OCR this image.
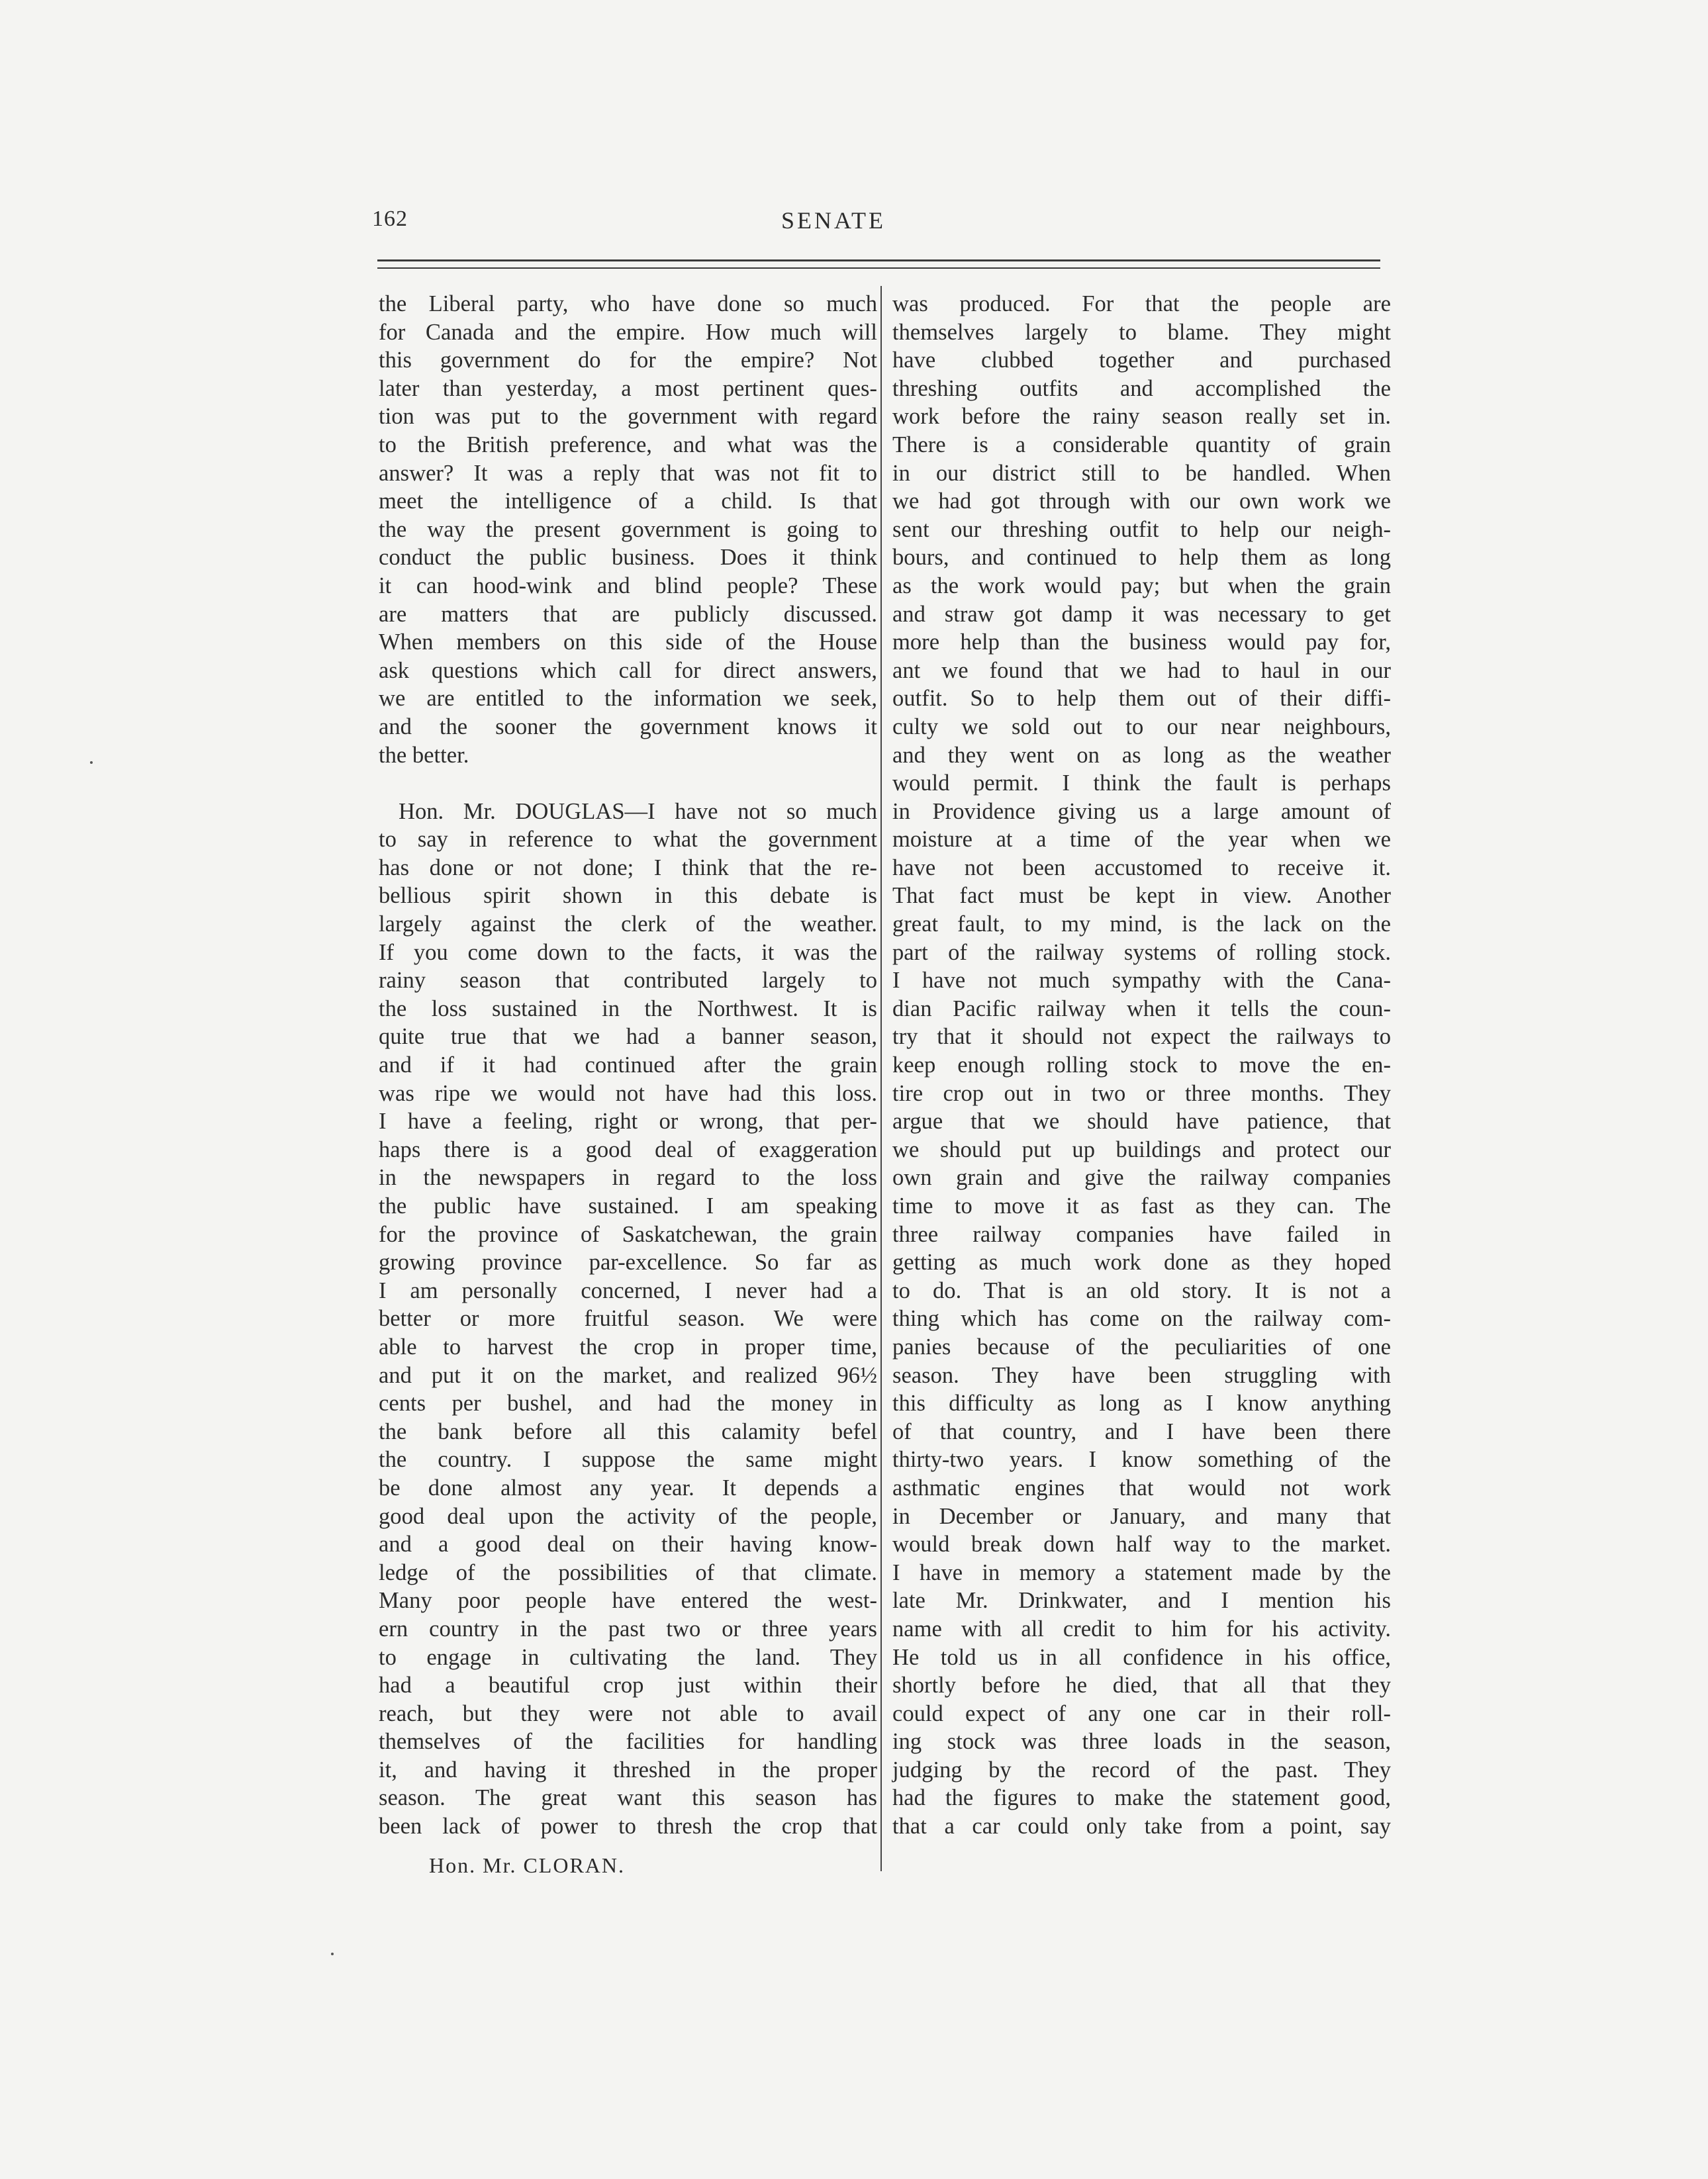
162	SENATE
the Liberal party, who have done so much
for Canada and the empire. How much will
this government do for the empire? Not
later than yesterday, a most pertinent ques-
tion was put to the government with regard
to the British preference, and what was the
answer? It was a reply that was not fit to
meet the intelligence of a child. Is that
the way the present government is going to
conduct the public business. Does it think
it can hood-wink and blind people? These
are matters that are publicly discussed.
When members on this side of the House
ask questions which call for direct answers,
we are entitled to the information we seek,
and the sooner the government knows it
the better.
Hon. Mr. DOUGLAS—I have not so much
to say in reference to what the government
has done or not done; I think that the re-
bellious spirit shown in this debate is
largely against the clerk of the weather.
If you come down to the facts, it was the
rainy season that contributed largely to
the loss sustained in the Northwest. It is
quite true that we had a banner season,
and if it had continued after the grain
was ripe we would not have had this loss.
I have a feeling, right or wrong, that per-
haps there is a good deal of exaggeration
in the newspapers in regard to the loss
the public have sustained. I am speaking
for the province of Saskatchewan, the grain
growing province par-excellence. So far as
I am personally concerned, I never had a
better or more fruitful season. We were
able to harvest the crop in proper time,
and put it on the market, and realized 96½
cents per bushel, and had the money in
the bank before all this calamity befel
the country. I suppose the same might
be done almost any year. It depends a
good deal upon the activity of the people,
and a good deal on their having know-
ledge of the possibilities of that climate.
Many poor people have entered the west-
ern country in the past two or three years
to engage in cultivating the land. They
had a beautiful crop just within their
reach, but they were not able to avail
themselves of the facilities for handling
it, and having it threshed in the proper
season. The great want this season has
been lack of power to thresh the crop that
was produced. For that the people are
themselves largely to blame. They might
have clubbed together and purchased
threshing outfits and accomplished the
work before the rainy season really set in.
There is a considerable quantity of grain
in our district still to be handled. When
we had got through with our own work we
sent our threshing outfit to help our neigh-
bours, and continued to help them as long
as the work would pay; but when the grain
and straw got damp it was necessary to get
more help than the business would pay for,
ant we found that we had to haul in our
outfit. So to help them out of their diffi-
culty we sold out to our near neighbours,
and they went on as long as the weather
would permit. I think the fault is perhaps
in Providence giving us a large amount of
moisture at a time of the year when we
have not been accustomed to receive it.
That fact must be kept in view. Another
great fault, to my mind, is the lack on the
part of the railway systems of rolling stock.
I have not much sympathy with the Cana-
dian Pacific railway when it tells the coun-
try that it should not expect the railways to
keep enough rolling stock to move the en-
tire crop out in two or three months. They
argue that we should have patience, that
we should put up buildings and protect our
own grain and give the railway companies
time to move it as fast as they can. The
three railway companies have failed in
getting as much work done as they hoped
to do. That is an old story. It is not a
thing which has come on the railway com-
panies because of the peculiarities of one
season. They have been struggling with
this difficulty as long as I know anything
of that country, and I have been there
thirty-two years. I know something of the
asthmatic engines that would not work
in December or January, and many that
would break down half way to the market.
I have in memory a statement made by the
late Mr. Drinkwater, and I mention his
name with all credit to him for his activity.
He told us in all confidence in his office,
shortly before he died, that all that they
could expect of any one car in their roll-
ing stock was three loads in the season,
judging by the record of the past. They
had the figures to make the statement good,
that a car could only take from a point, say
Hon. Mr. CLORAN.
